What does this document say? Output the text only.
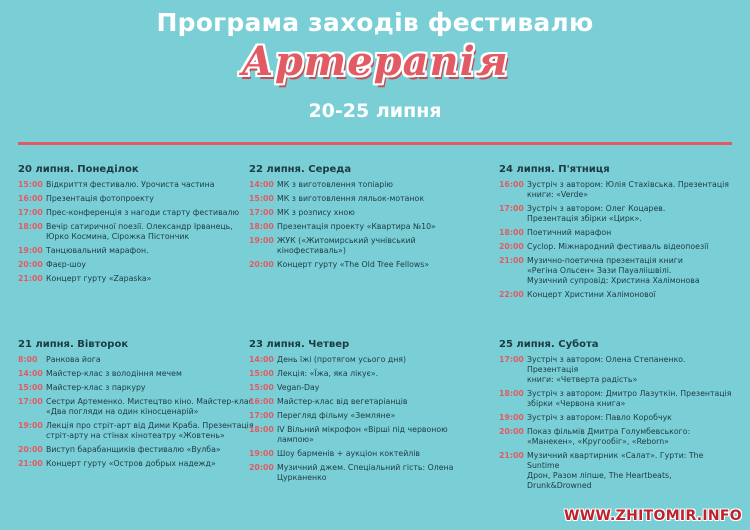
Програма заходів фестивалю
Артерапія
20-25 липня
20 липня. Понеділок
15:00 Відкриття фестивалю. Урочиста частина
16:00 Презентація фотопроекту
17:00 Прес-конференція з нагоди старту фестивалю
18:00 Вечір сатиричної поезії. Олександр Ірванець,
Юрко Космина, Сірожка Пістончик
19:00 Танцювальний марафон.
20:00 Фаєр-шоу
21:00 Концерт гурту «Zapaska»
22 липня. Середа
14:00 МК з виготовлення топіарію
15:00 МК з виготовлення ляльок-мотанок
17:00 МК з розпису хною
18:00 Презентація проекту «Квартира №10»
19:00 ЖУК («Житомирський учнівський кінофестиваль»)
20:00 Концерт гурту «The Old Tree Fellows»
24 липня. П'ятниця
16:00 Зустріч з автором: Юлія Стахівська. Презентація
книги: «Verde»
17:00 Зустріч з автором: Олег Коцарев.
Презентація збірки «Цирк».
18:00 Поетичний марафон
20:00 Cyclop. Міжнародний фестиваль відеопоезії
21:00 Музично-поетична презентація книги
«Регіна Ольсен» Зази Пауаліішвілі.
Музичний супровід: Христина Халімонова
22:00 Концерт Христини Халімонової
21 липня. Вівторок
8:00	Ранкова йога
14:00 Майстер-клас з володіння мечем
15:00 Майстер-клас з паркуру
17:00 Сестри Артеменко. Мистецтво кіно. Майстер-клас
«Два погляди на один кіносценарій»
19:00 Лекція про стріт-арт від Дими Краба. Презентація
стріт-арту на стінах кінотеатру «Жовтень»
20:00 Виступ барабанщиків фестивалю «Вулба»
21:00 Концерт гурту «Остров добрых надежд»
23 липня. Четвер
14:00 День їжі (протягом усього дня)
15:00 Лекція: «Їжа, яка лікує».
15:00 Vegan-Day
16:00 Майстер-клас від вегетаріанців
17:00 Перегляд фільму «Земляне»
18:00 IV Вільний мікрофон «Вірші під червоною лампою»
19:00 Шоу барменів + аукціон коктейлів
20:00 Музичний джем. Спеціальний гість: Олена Цурканенко
25 липня. Субота
17:00 Зустріч з автором: Олена Степаненко. Презентація
книги: «Четверта радість»
18:00 Зустріч з автором: Дмитро Лазуткін. Презентація
збірки «Червона книга»
19:00 Зустріч з автором: Павло Коробчук
20:00 Показ фільмів Дмитра Голумбевського:
«Манекен», «Кругообіг», «Reborn»
21:00 Музичний квартирник «Салат». Гурти: The Suntime
Дрон, Разом ліпше, The Heartbeats, Drunk&Drowned
WWW.ZHITOMIR.INFO
